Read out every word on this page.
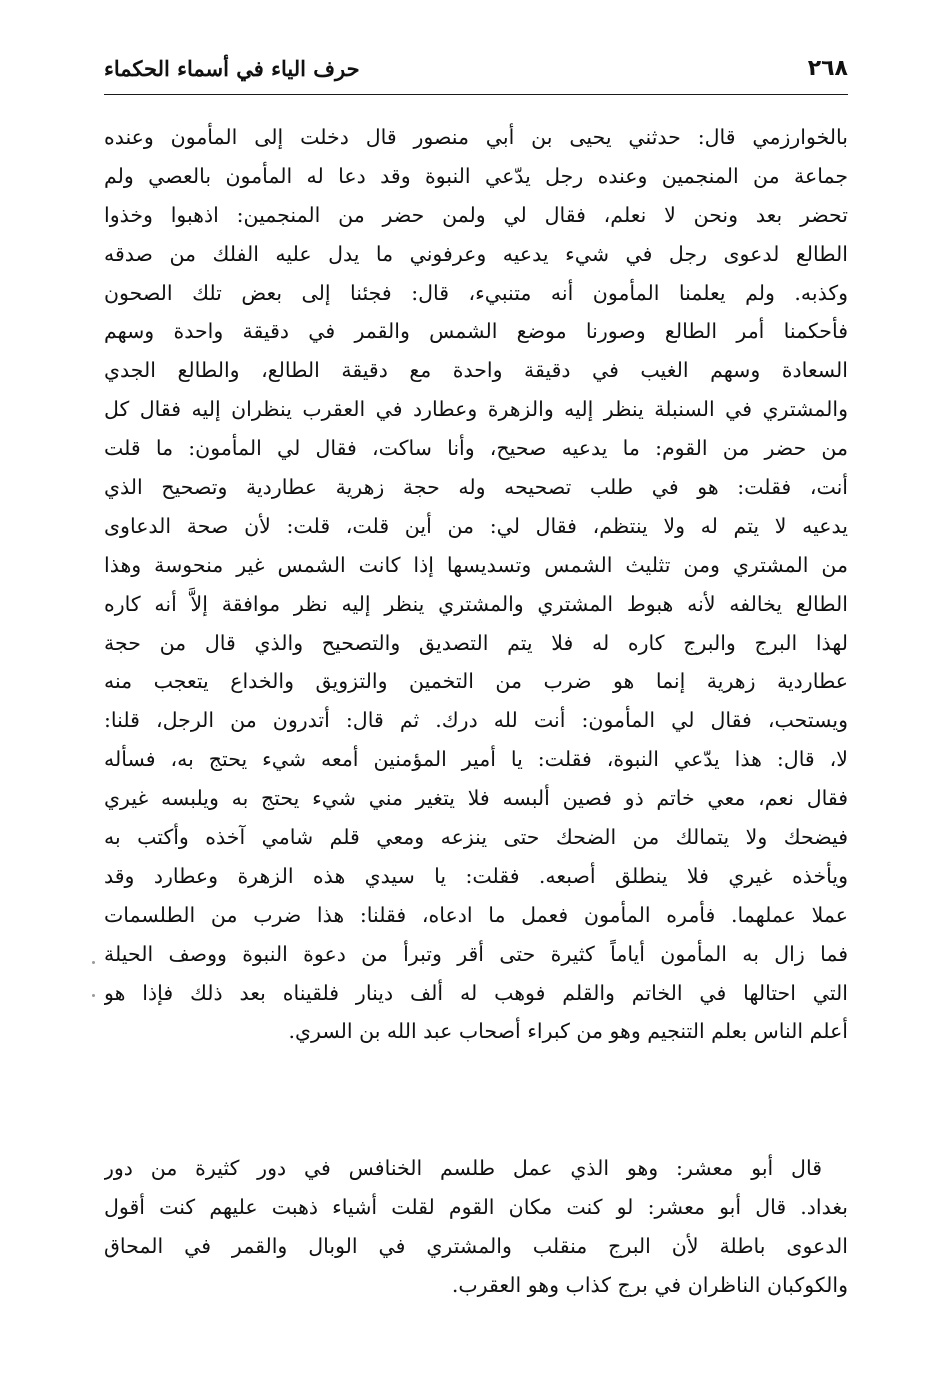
٢٦٨
حرف الياء في أسماء الحكماء
بالخوارزمي قال: حدثني يحيى بن أبي منصور قال دخلت إلى المأمون وعنده
جماعة من المنجمين وعنده رجل يدّعي النبوة وقد دعا له المأمون بالعصي ولم
تحضر بعد ونحن لا نعلم، فقال لي ولمن حضر من المنجمين: اذهبوا وخذوا
الطالع لدعوى رجل في شيء يدعيه وعرفوني ما يدل عليه الفلك من صدقه
وكذبه. ولم يعلمنا المأمون أنه متنبيء، قال: فجئنا إلى بعض تلك الصحون
فأحكمنا أمر الطالع وصورنا موضع الشمس والقمر في دقيقة واحدة وسهم
السعادة وسهم الغيب في دقيقة واحدة مع دقيقة الطالع، والطالع الجدي
والمشتري في السنبلة ينظر إليه والزهرة وعطارد في العقرب ينظران إليه فقال كل
من حضر من القوم: ما يدعيه صحيح، وأنا ساكت، فقال لي المأمون: ما قلت
أنت، فقلت: هو في طلب تصحيحه وله حجة زهرية عطاردية وتصحيح الذي
يدعيه لا يتم له ولا ينتظم، فقال لي: من أين قلت، قلت: لأن صحة الدعاوى
من المشتري ومن تثليث الشمس وتسديسها إذا كانت الشمس غير منحوسة وهذا
الطالع يخالفه لأنه هبوط المشتري والمشتري ينظر إليه نظر موافقة إلاَّ أنه كاره
لهذا البرج والبرج كاره له فلا يتم التصديق والتصحيح والذي قال من حجة
عطاردية زهرية إنما هو ضرب من التخمين والتزويق والخداع يتعجب منه
ويستحب، فقال لي المأمون: أنت لله درك. ثم قال: أتدرون من الرجل، قلنا:
لا، قال: هذا يدّعي النبوة، فقلت: يا أمير المؤمنين أمعه شيء يحتج به، فسأله
فقال نعم، معي خاتم ذو فصين ألبسه فلا يتغير مني شيء يحتج به ويلبسه غيري
فيضحك ولا يتمالك من الضحك حتى ينزعه ومعي قلم شامي آخذه وأكتب به
ويأخذه غيري فلا ينطلق أصبعه. فقلت: يا سيدي هذه الزهرة وعطارد وقد
عملا عملهما. فأمره المأمون فعمل ما ادعاه، فقلنا: هذا ضرب من الطلسمات
فما زال به المأمون أياماً كثيرة حتى أقر وتبرأ من دعوة النبوة ووصف الحيلة
التي احتالها في الخاتم والقلم فوهب له ألف دينار فلقيناه بعد ذلك فإذا هو
أعلم الناس بعلم التنجيم وهو من كبراء أصحاب عبد الله بن السري.
قال أبو معشر: وهو الذي عمل طلسم الخنافس في دور كثيرة من دور
بغداد. قال أبو معشر: لو كنت مكان القوم لقلت أشياء ذهبت عليهم كنت أقول
الدعوى باطلة لأن البرج منقلب والمشتري في الوبال والقمر في المحاق
والكوكبان الناظران في برج كذاب وهو العقرب.
